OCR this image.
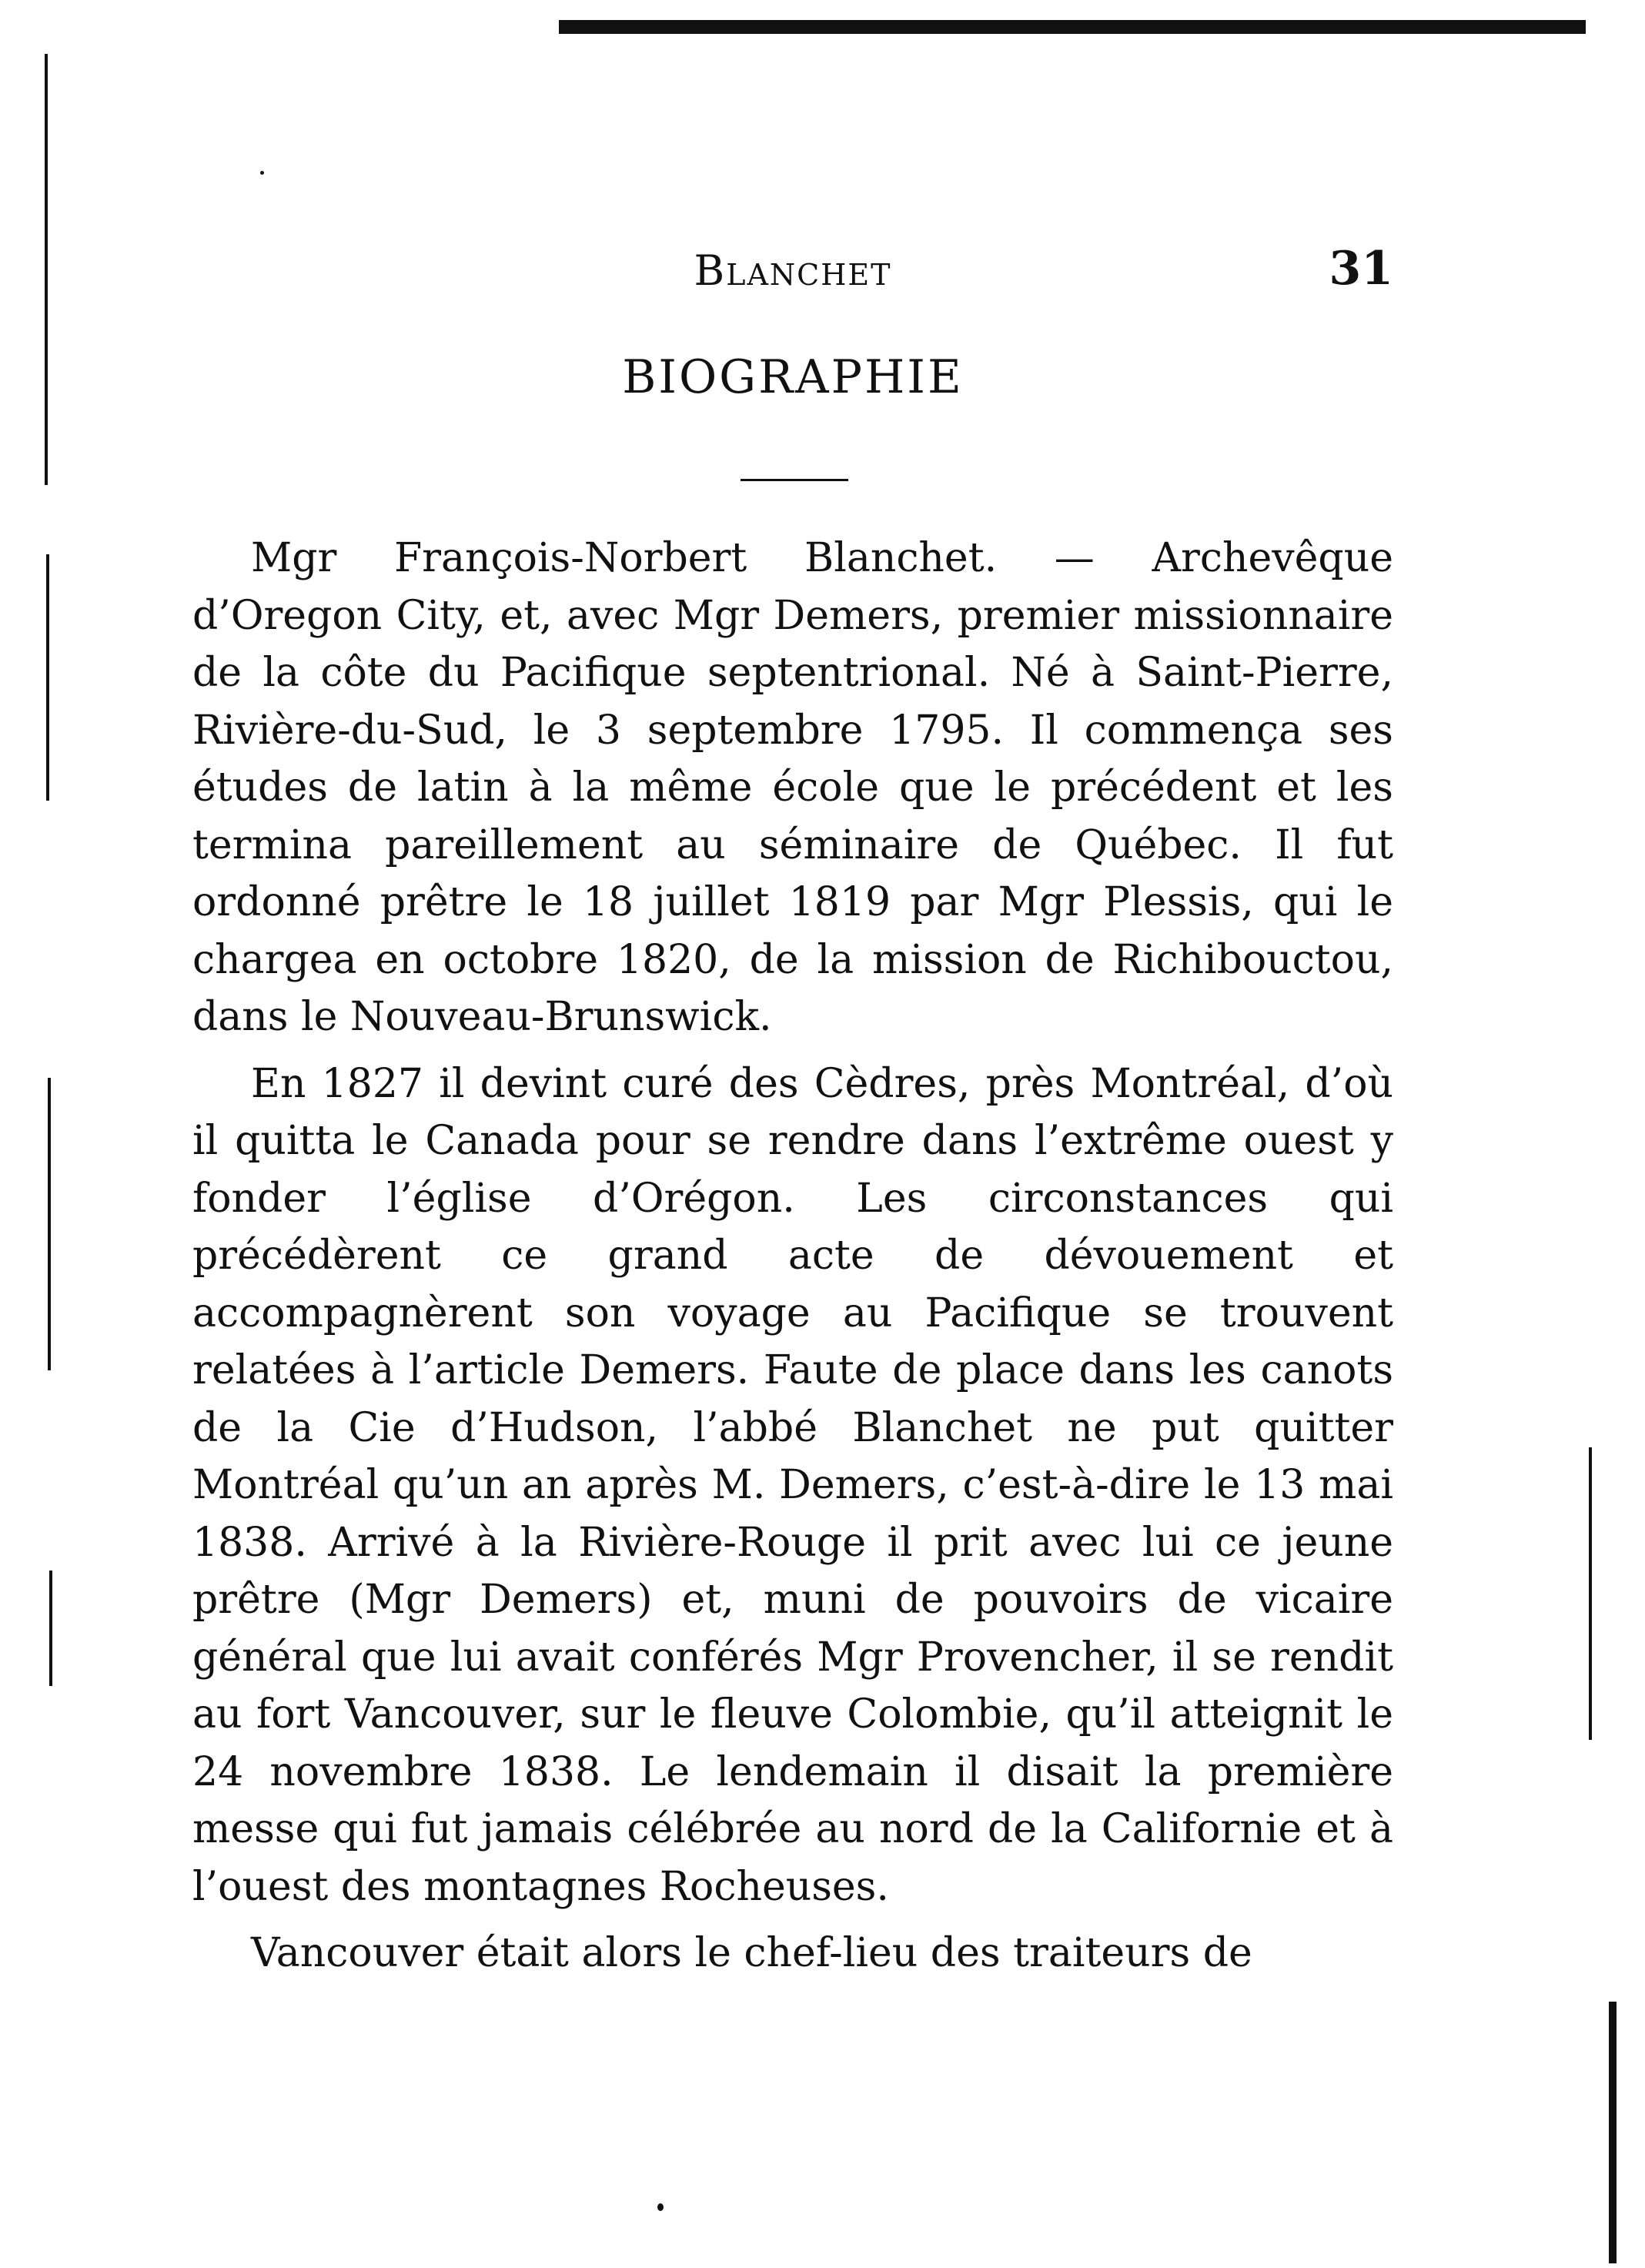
Blanchet	31
BIOGRAPHIE

Mgr François-Norbert Blanchet. — Archevêque d’Oregon City, et, avec Mgr Demers, premier missionnaire de la côte du Pacifique septentrional. Né à Saint-Pierre, Rivière-du-Sud, le 3 septembre 1795. Il commença ses études de latin à la même école que le précédent et les termina pareillement au séminaire de Québec. Il fut ordonné prêtre le 18 juillet 1819 par Mgr Plessis, qui le chargea en octobre 1820, de la mission de Richibouctou, dans le Nouveau-Brunswick.

En 1827 il devint curé des Cèdres, près Montréal, d’où il quitta le Canada pour se rendre dans l’extrême ouest y fonder l’église d’Orégon. Les circonstances qui précédèrent ce grand acte de dévouement et accompagnèrent son voyage au Pacifique se trouvent relatées à l’article Demers. Faute de place dans les canots de la Cie d’Hudson, l’abbé Blanchet ne put quitter Montréal qu’un an après M. Demers, c’est-à-dire le 13 mai 1838. Arrivé à la Rivière-Rouge il prit avec lui ce jeune prêtre (Mgr Demers) et, muni de pouvoirs de vicaire général que lui avait conférés Mgr Provencher, il se rendit au fort Vancouver, sur le fleuve Colombie, qu’il atteignit le 24 novembre 1838. Le lendemain il disait la première messe qui fut jamais célébrée au nord de la Californie et à l’ouest des montagnes Rocheuses.

Vancouver était alors le chef-lieu des traiteurs de
